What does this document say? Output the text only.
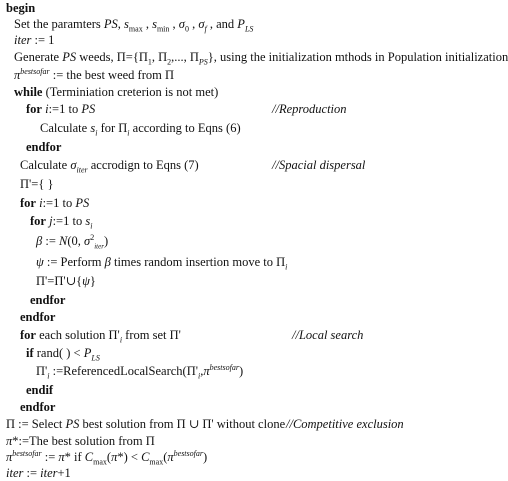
begin
Set the paramters PS, $s_{max}$ , $s_{min}$ , $\sigma_0$ , $\sigma_f$ , and $P_{LS}$
iter := 1
Generate PS weeds, $\Pi=\{\Pi_1$, $\Pi_2$,..., $\Pi_{PS}$}, using the initialization mthods in Population initialization
$\pi^{bestsofar}$ := the best weed from Π
while (Terminiation creterion is not met)
for i:=1 to PS	//Reproduction
Calculate $s_i$ for $\Pi_i$ according to Eqns (6)
endfor
Calculate $\sigma_{iter}$ accrodign to Eqns (7)	//Spacial dispersal
Π'={ }
for i:=1 to PS
for j:=1 to $s_i$
β := N(0, $\sigma^2_{iter}$)
ψ := Perform β times random insertion move to $\Pi_i$
Π'=Π'∪{ψ}
endfor
endfor
for each solution $\Pi'_i$ from set Π'	//Local search
if rand( ) < $P_{LS}$
$\Pi'_i$ $:=ReferencedLocalSearch(\Pi'_i,\pi^{bestsofar})$
endif
endfor
Π := Select PS best solution from Π ∪ Π' without clone //Competitive exclusion
π*:=The best solution from Π
$\pi^{bestsofar}$ := π* if $C_{max}(\pi*) < C_{max}(\pi^{bestsofar})$
iter := iter+1
